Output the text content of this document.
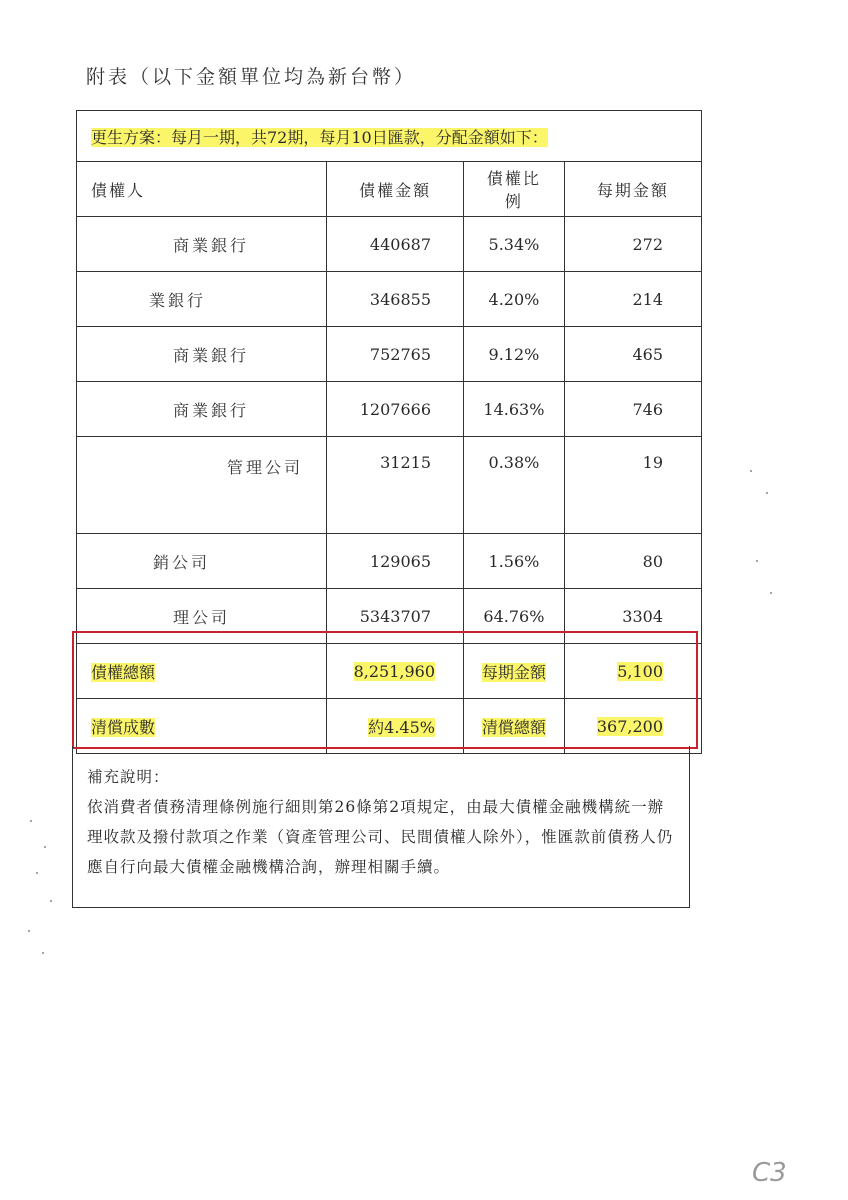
附表（以下金額單位均為新台幣）
更生方案：每月一期，共72期，每月10日匯款，分配金額如下：			
債權人	債權金額	債權比例	每期金額
商業銀行	440687	5.34%	272
業銀行	346855	4.20%	214
商業銀行	752765	9.12%	465
商業銀行	1207666	14.63%	746
管理公司	31215	0.38%	19
銷公司	129065	1.56%	80
理公司	5343707	64.76%	3304
債權總額	8,251,960	每期金額	5,100
清償成數	約4.45%	清償總額	367,200
補充說明：
依消費者債務清理條例施行細則第26條第2項規定，由最大債權金融機構統一辦理收款及撥付款項之作業（資產管理公司、民間債權人除外），惟匯款前債務人仍應自行向最大債權金融機構洽詢，辦理相關手續。
C3
